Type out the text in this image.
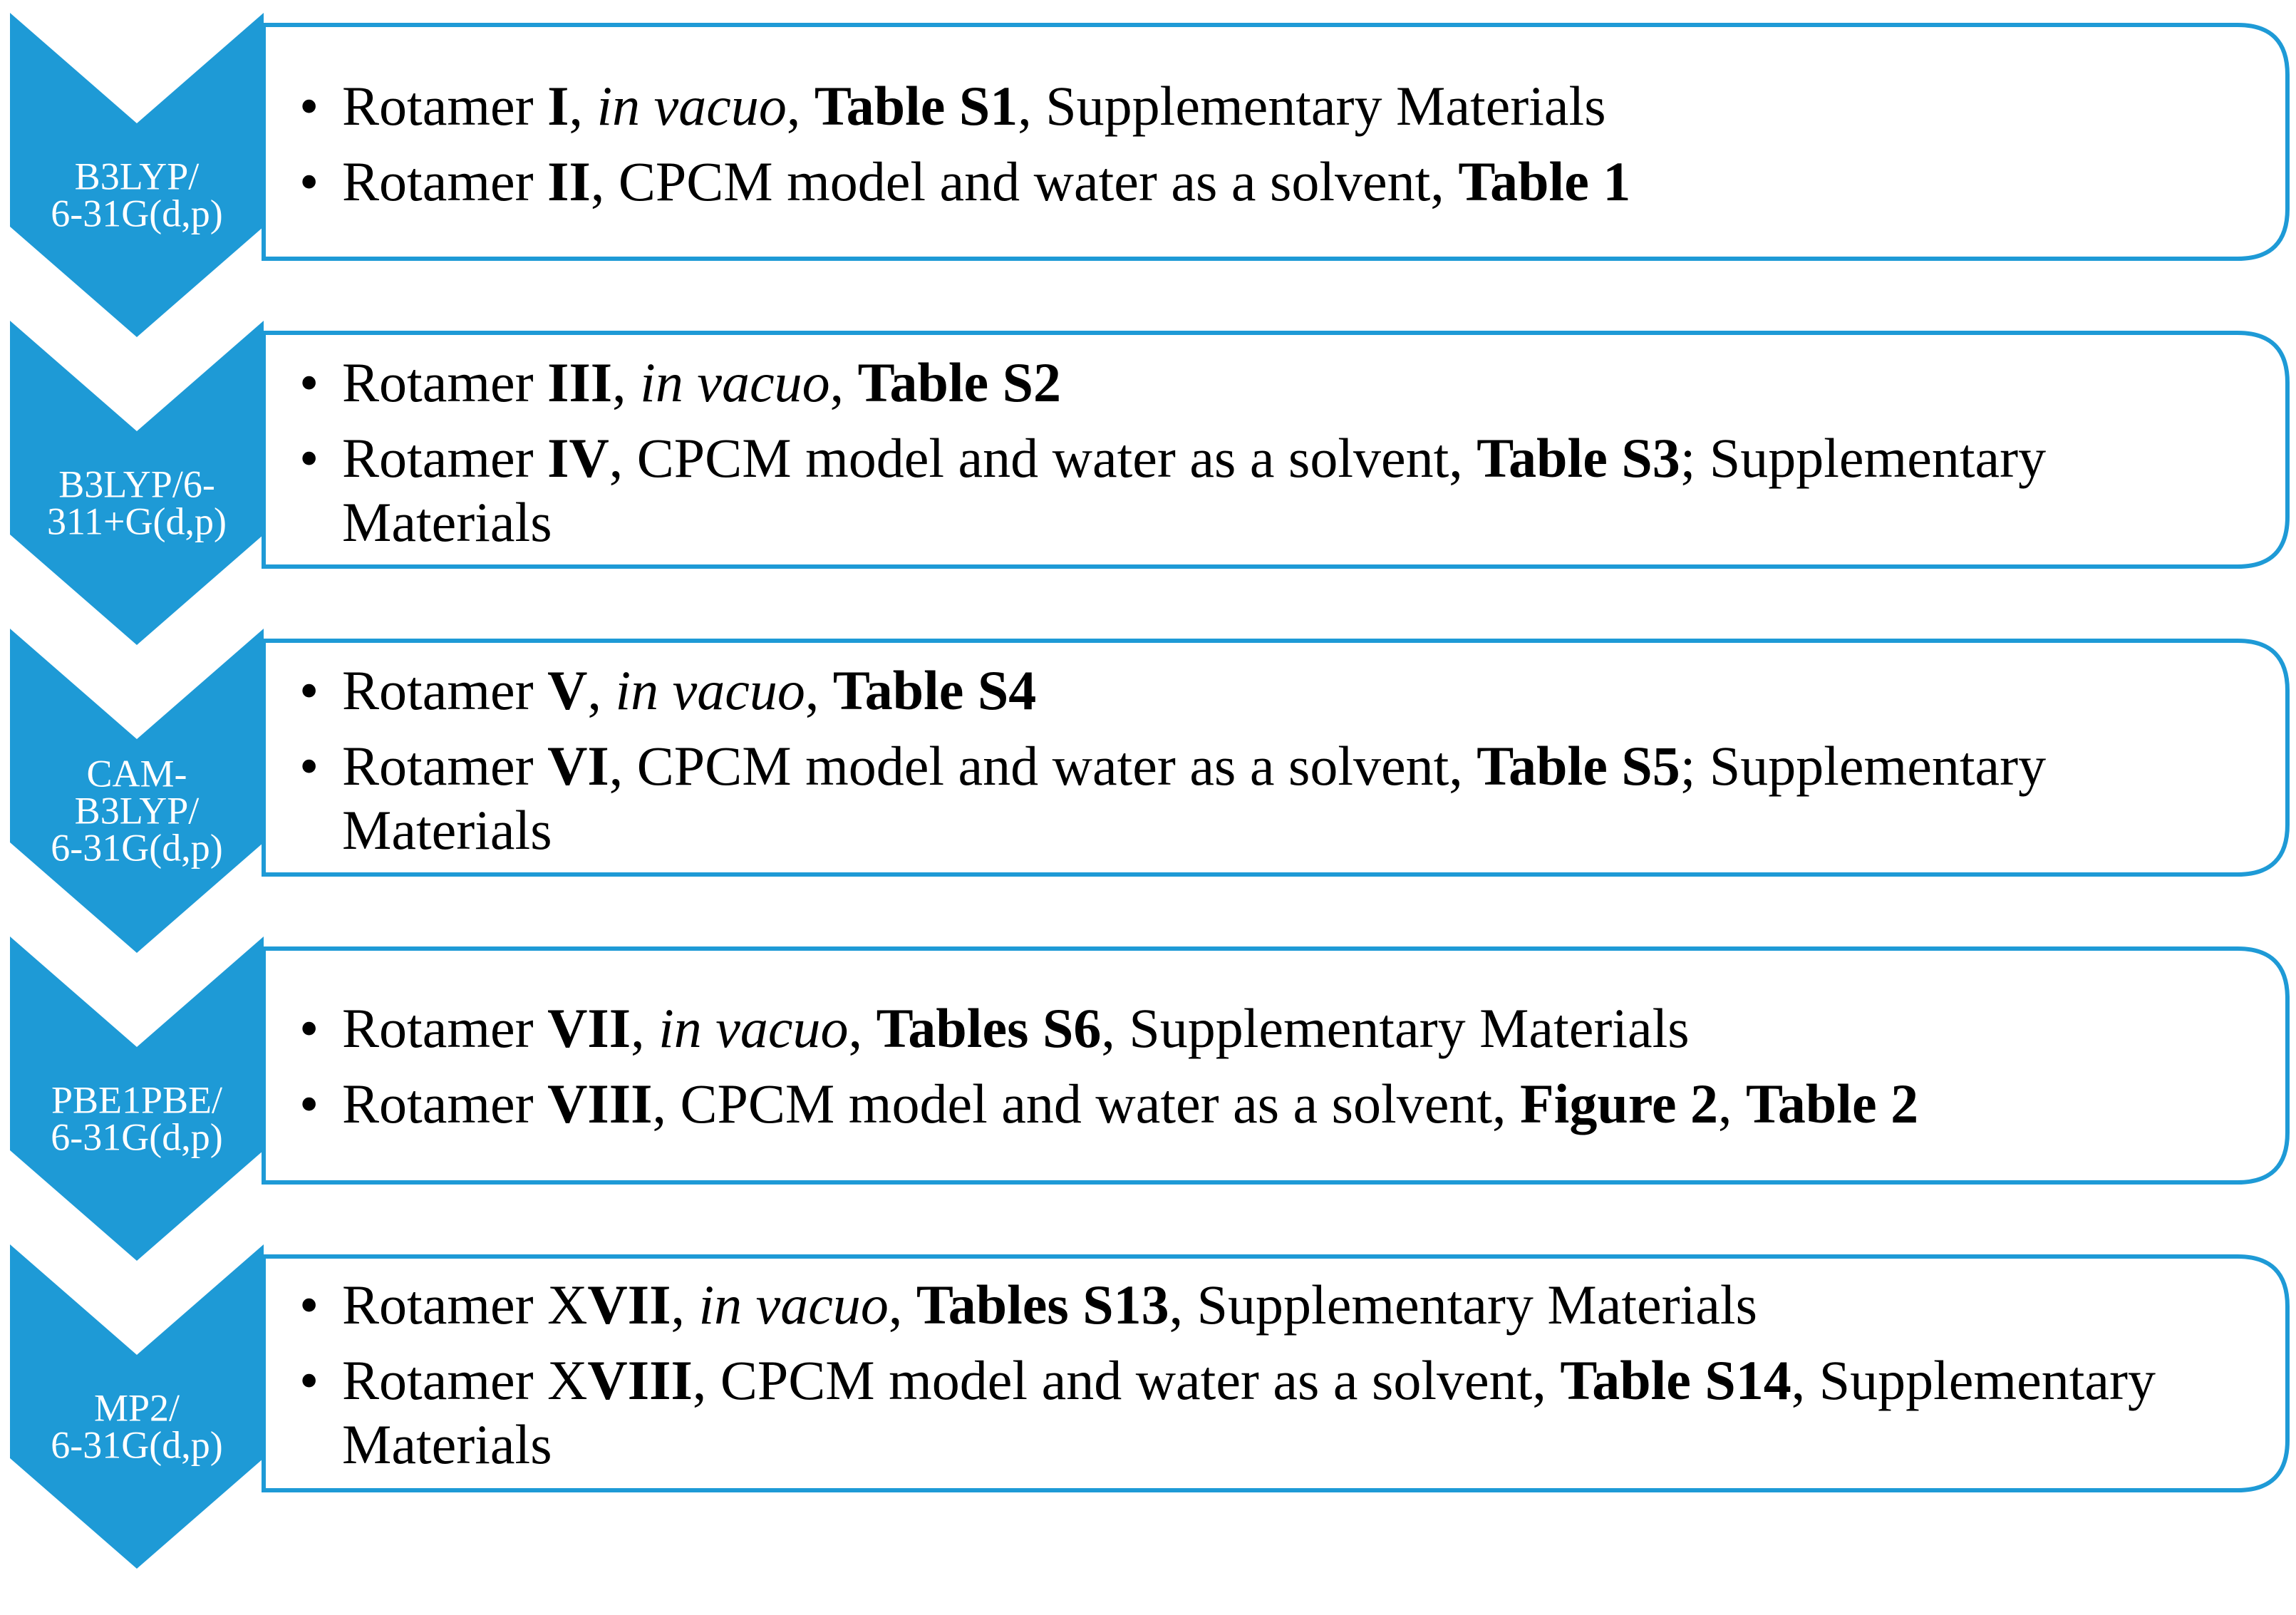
B3LYP/
6-31G(d,p)
B3LYP/6-
311+G(d,p)
CAM-
B3LYP/
6-31G(d,p)
PBE1PBE/
6-31G(d,p)
MP2/
6-31G(d,p)
• Rotamer I, in vacuo, Table S1, Supplementary Materials
• Rotamer II, CPCM model and water as a solvent, Table 1
• Rotamer III, in vacuo, Table S2
• Rotamer IV, CPCM model and water as a solvent, Table S3; Supplementary Materials
• Rotamer V, in vacuo, Table S4
• Rotamer VI, CPCM model and water as a solvent, Table S5; Supplementary Materials
• Rotamer VII, in vacuo, Tables S6, Supplementary Materials
• Rotamer VIII, CPCM model and water as a solvent, Figure 2, Table 2
• Rotamer XVII, in vacuo, Tables S13, Supplementary Materials
• Rotamer XVIII, CPCM model and water as a solvent, Table S14, Supplementary Materials
